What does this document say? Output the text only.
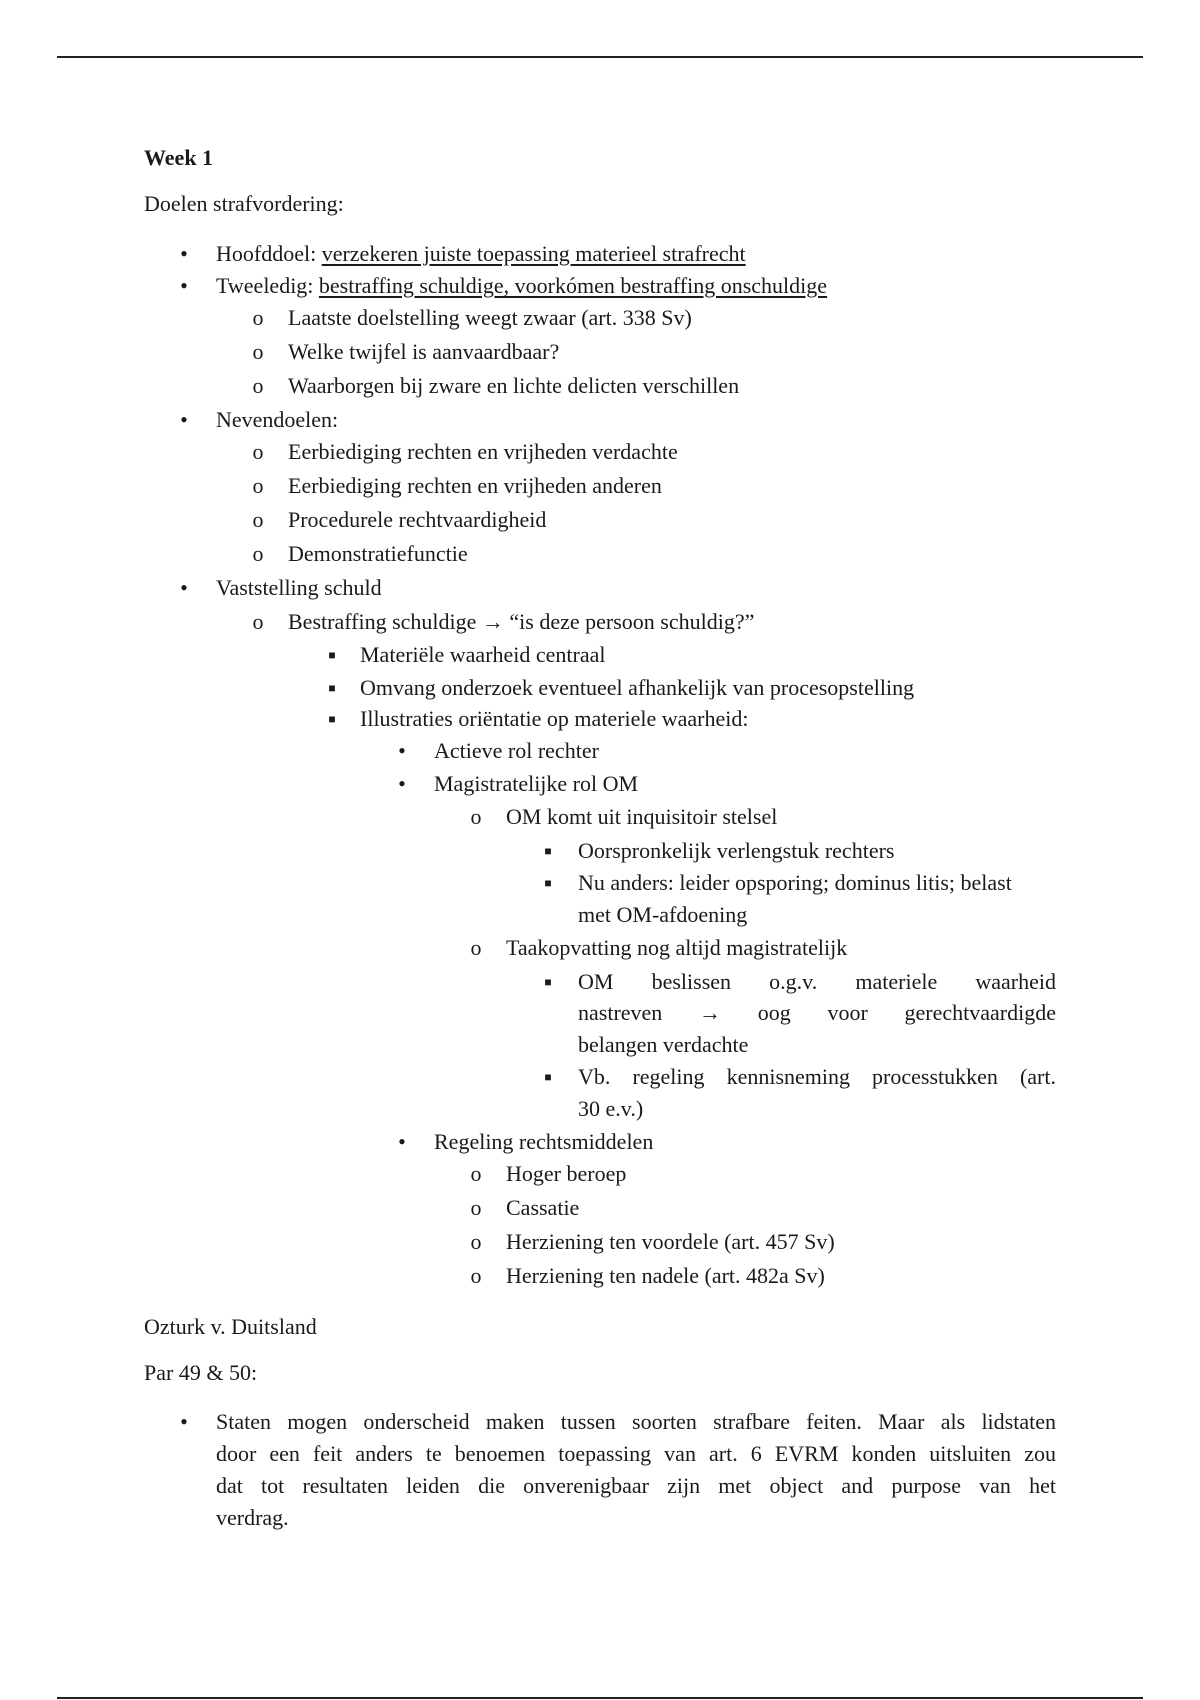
Week 1
Doelen strafvordering:
• Hoofddoel: verzekeren juiste toepassing materieel strafrecht
• Tweeledig: bestraffing schuldige, voorkómen bestraffing onschuldige
o Laatste doelstelling weegt zwaar (art. 338 Sv)
o Welke twijfel is aanvaardbaar?
o Waarborgen bij zware en lichte delicten verschillen
• Nevendoelen:
o Eerbiediging rechten en vrijheden verdachte
o Eerbiediging rechten en vrijheden anderen
o Procedurele rechtvaardigheid
o Demonstratiefunctie
• Vaststelling schuld
o Bestraffing schuldige → “is deze persoon schuldig?”
■ Materiële waarheid centraal
■ Omvang onderzoek eventueel afhankelijk van procesopstelling
■ Illustraties oriëntatie op materiele waarheid:
• Actieve rol rechter
• Magistratelijke rol OM
o OM komt uit inquisitoir stelsel
■ Oorspronkelijk verlengstuk rechters
■ Nu anders: leider opsporing; dominus litis; belast
met OM-afdoening
o Taakopvatting nog altijd magistratelijk
■ OM beslissen o.g.v. materiele waarheid
nastreven → oog voor gerechtvaardigde
belangen verdachte
■ Vb. regeling kennisneming processtukken (art.
30 e.v.)
• Regeling rechtsmiddelen
o Hoger beroep
o Cassatie
o Herziening ten voordele (art. 457 Sv)
o Herziening ten nadele (art. 482a Sv)
Ozturk v. Duitsland
Par 49 & 50:
• Staten mogen onderscheid maken tussen soorten strafbare feiten. Maar als lidstaten
door een feit anders te benoemen toepassing van art. 6 EVRM konden uitsluiten zou
dat tot resultaten leiden die onverenigbaar zijn met object and purpose van het
verdrag.
